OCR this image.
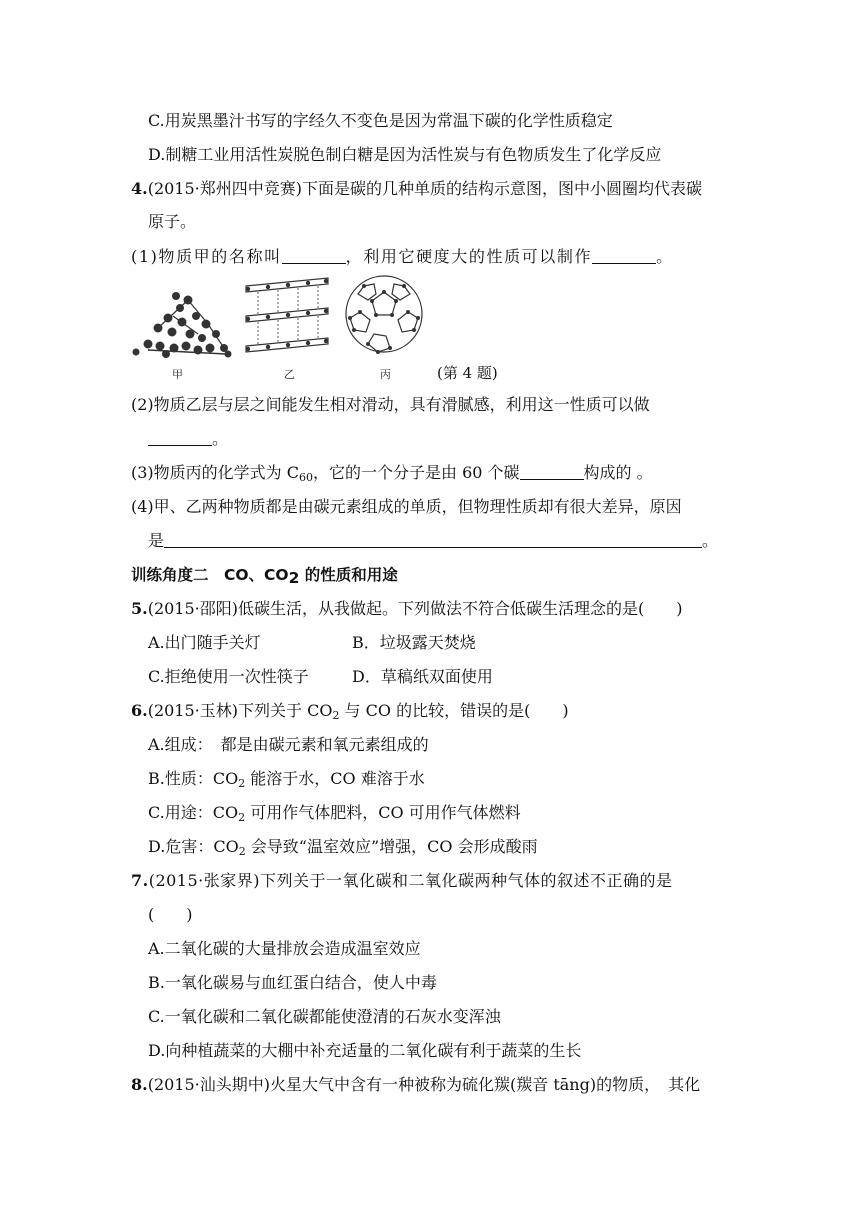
C.用炭黑墨汁书写的字经久不变色是因为常温下碳的化学性质稳定
D.制糖工业用活性炭脱色制白糖是因为活性炭与有色物质发生了化学反应
4.(2015·郑州四中竞赛)下面是碳的几种单质的结构示意图，图中小圆圈均代表碳
原子。
(1)物质甲的名称叫	，利用它硬度大的性质可以制作	。
甲	乙	丙	(第 4 题)
(2)物质乙层与层之间能发生相对滑动，具有滑腻感，利用这一性质可以做
。
(3)物质丙的化学式为 $C_{60}$，它的一个分子是由 60 个碳	构成的 。
(4)甲、乙两种物质都是由碳元素组成的单质，但物理性质却有很大差异，原因
是	。
训练角度二　CO、$CO_2$ 的性质和用途
5.(2015·邵阳)低碳生活，从我做起。下列做法不符合低碳生活理念的是(　　)
A.出门随手关灯	B．垃圾露天焚烧
C.拒绝使用一次性筷子	D．草稿纸双面使用
6.(2015·玉林)下列关于 $CO_2$ 与 CO 的比较，错误的是(　　)
A.组成：　都是由碳元素和氧元素组成的
B.性质：$CO_2$ 能溶于水，CO 难溶于水
C.用途：$CO_2$ 可用作气体肥料，CO 可用作气体燃料
D.危害：$CO_2$ 会导致“温室效应”增强，CO 会形成酸雨
7.(2015·张家界)下列关于一氧化碳和二氧化碳两种气体的叙述不正确的是
(　　)
A.二氧化碳的大量排放会造成温室效应
B.一氧化碳易与血红蛋白结合，使人中毒
C.一氧化碳和二氧化碳都能使澄清的石灰水变浑浊
D.向种植蔬菜的大棚中补充适量的二氧化碳有利于蔬菜的生长
8.(2015·汕头期中)火星大气中含有一种被称为硫化羰(羰音 tāng)的物质，　其化
